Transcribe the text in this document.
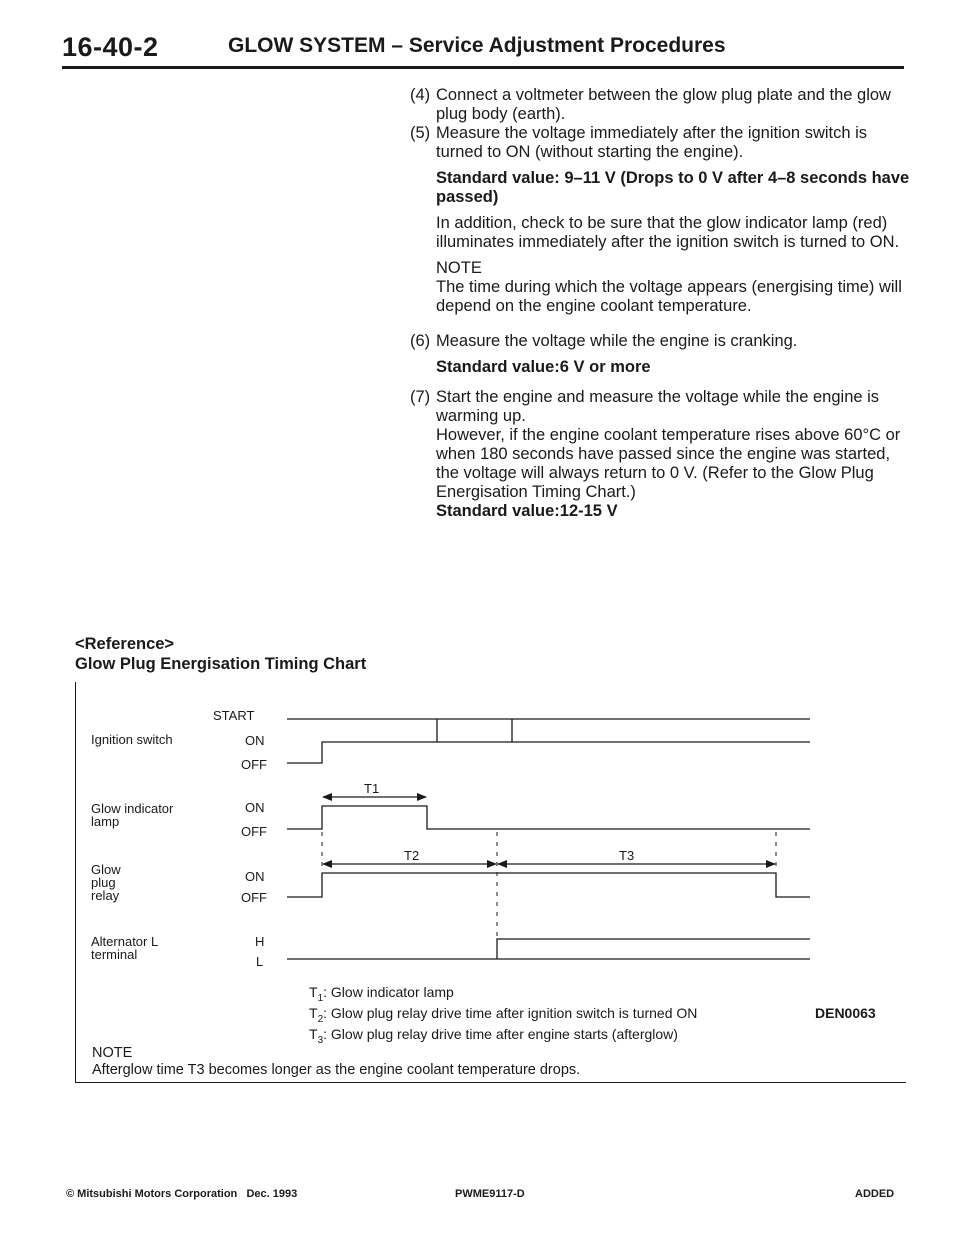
16-40-2	GLOW SYSTEM – Service Adjustment Procedures
(4) Connect a voltmeter between the glow plug plate and the glow plug body (earth).
(5) Measure the voltage immediately after the ignition switch is turned to ON (without starting the engine).
Standard value: 9–11 V (Drops to 0 V after 4–8 seconds have passed)
In addition, check to be sure that the glow indicator lamp (red) illuminates immediately after the ignition switch is turned to ON.
NOTE
The time during which the voltage appears (energising time) will depend on the engine coolant temperature.
(6) Measure the voltage while the engine is cranking.
Standard value:6 V or more
(7) Start the engine and measure the voltage while the engine is warming up.
However, if the engine coolant temperature rises above 60°C or when 180 seconds have passed since the engine was started, the voltage will always return to 0 V. (Refer to the Glow Plug Energisation Timing Chart.)
Standard value:12-15 V
<Reference>
Glow Plug Energisation Timing Chart
Ignition switch
Glow indicator lamp
Glow plug relay
Alternator L terminal
START
ON
OFF
ON
OFF
ON
OFF
H
L
T1
T2	T3
$T_1$: Glow indicator lamp
$T_2$: Glow plug relay drive time after ignition switch is turned ON
$T_3$: Glow plug relay drive time after engine starts (afterglow)
DEN0063
NOTE
Afterglow time T3 becomes longer as the engine coolant temperature drops.
© Mitsubishi Motors Corporation Dec. 1993	PWME9117-D	ADDED
